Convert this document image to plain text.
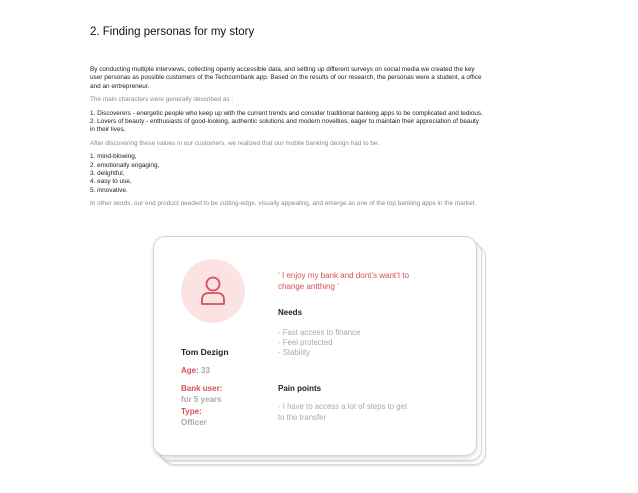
2. Finding personas for my story

By conducting multiple interviews, collecting openly accessible data, and setting up different surveys on social media we created the key
user personas as possible customers of the Techcombank app. Based on the results of our research, the personas were a student, a office
and an entrepreneur.

The main characters were generally described as :

1. Discoverers - energetic people who keep up with the current trends and consider traditional banking apps to be complicated and tedious.
2. Lovers of beauty - enthusiasts of good-looking, authentic solutions and modern novelties, eager to maintain their appreciation of beauty
in their lives.

After discovering these values in our customers, we realized that our mobile banking design had to be:

1. mind-blowing,
2. emotionally engaging,
3. delightful,
4. easy to use,
5. innovative.

In other words, our end product needed to be cutting-edge, visually appealing, and emerge as one of the top banking apps in the market.

Tom Dezign

Age: 33
Bank user:
for 5 years
Type:
Officer
‘ I enjoy my bank and dont’s want’t to
change antthing ‘
Needs
- Fast access to finance
- Feel protected
- Stability
Pain points
- I have to access a lot of steps to get
to the transfer
